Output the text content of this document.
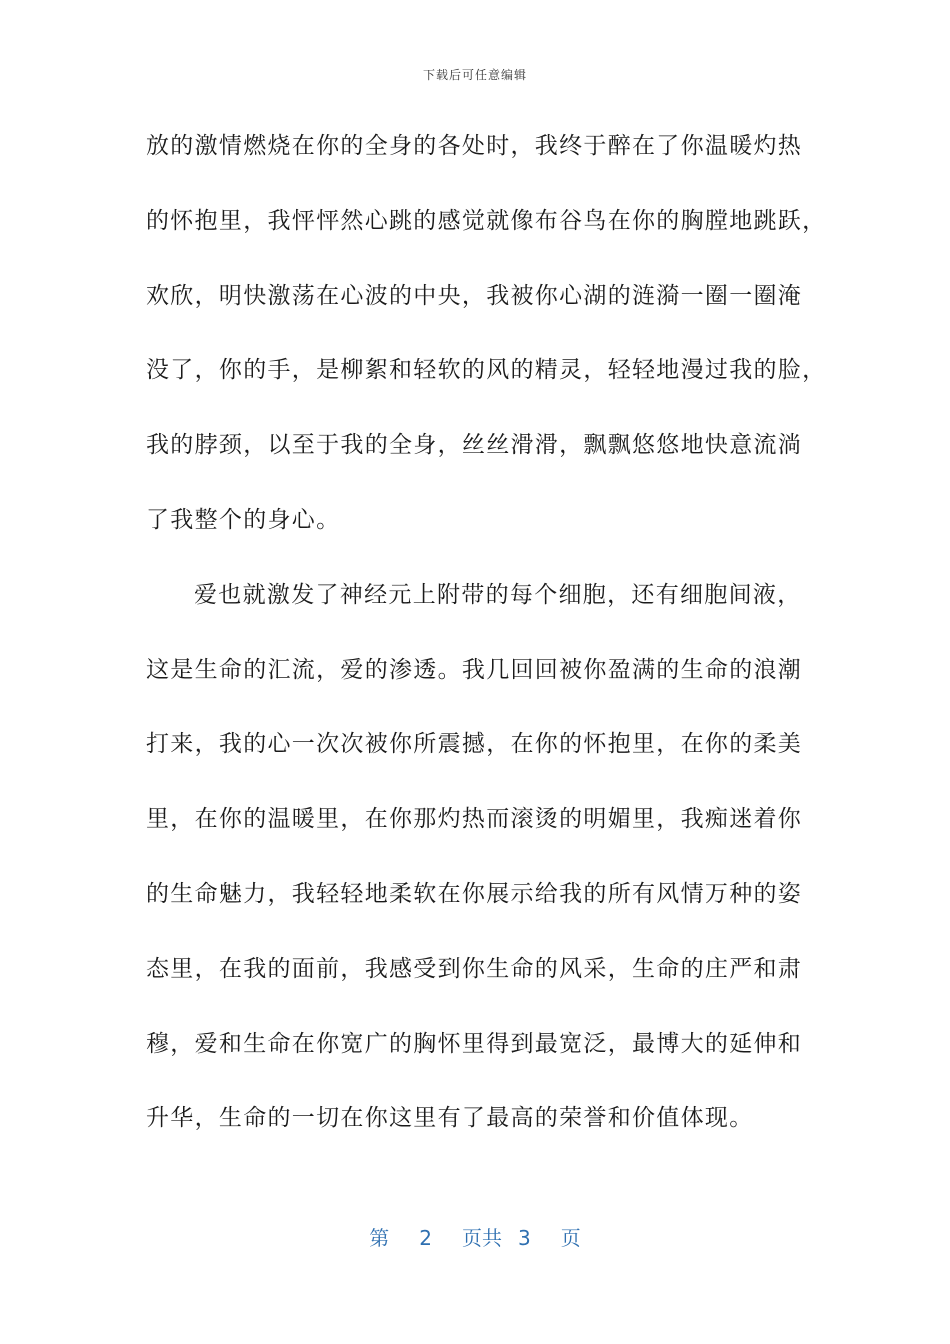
下载后可任意编辑
放的激情燃烧在你的全身的各处时，我终于醉在了你温暖灼热
的怀抱里，我怦怦然心跳的感觉就像布谷鸟在你的胸膛地跳跃，
欢欣，明快激荡在心波的中央，我被你心湖的涟漪一圈一圈淹
没了，你的手，是柳絮和轻软的风的精灵，轻轻地漫过我的脸，
我的脖颈，以至于我的全身，丝丝滑滑，飘飘悠悠地快意流淌
了我整个的身心。
爱也就激发了神经元上附带的每个细胞，还有细胞间液，
这是生命的汇流，爱的渗透。我几回回被你盈满的生命的浪潮
打来，我的心一次次被你所震撼，在你的怀抱里，在你的柔美
里，在你的温暖里，在你那灼热而滚烫的明媚里，我痴迷着你
的生命魅力，我轻轻地柔软在你展示给我的所有风情万种的姿
态里，在我的面前，我感受到你生命的风采，生命的庄严和肃
穆，爱和生命在你宽广的胸怀里得到最宽泛，最博大的延伸和
升华，生命的一切在你这里有了最高的荣誉和价值体现。
第 2 页共 3 页
